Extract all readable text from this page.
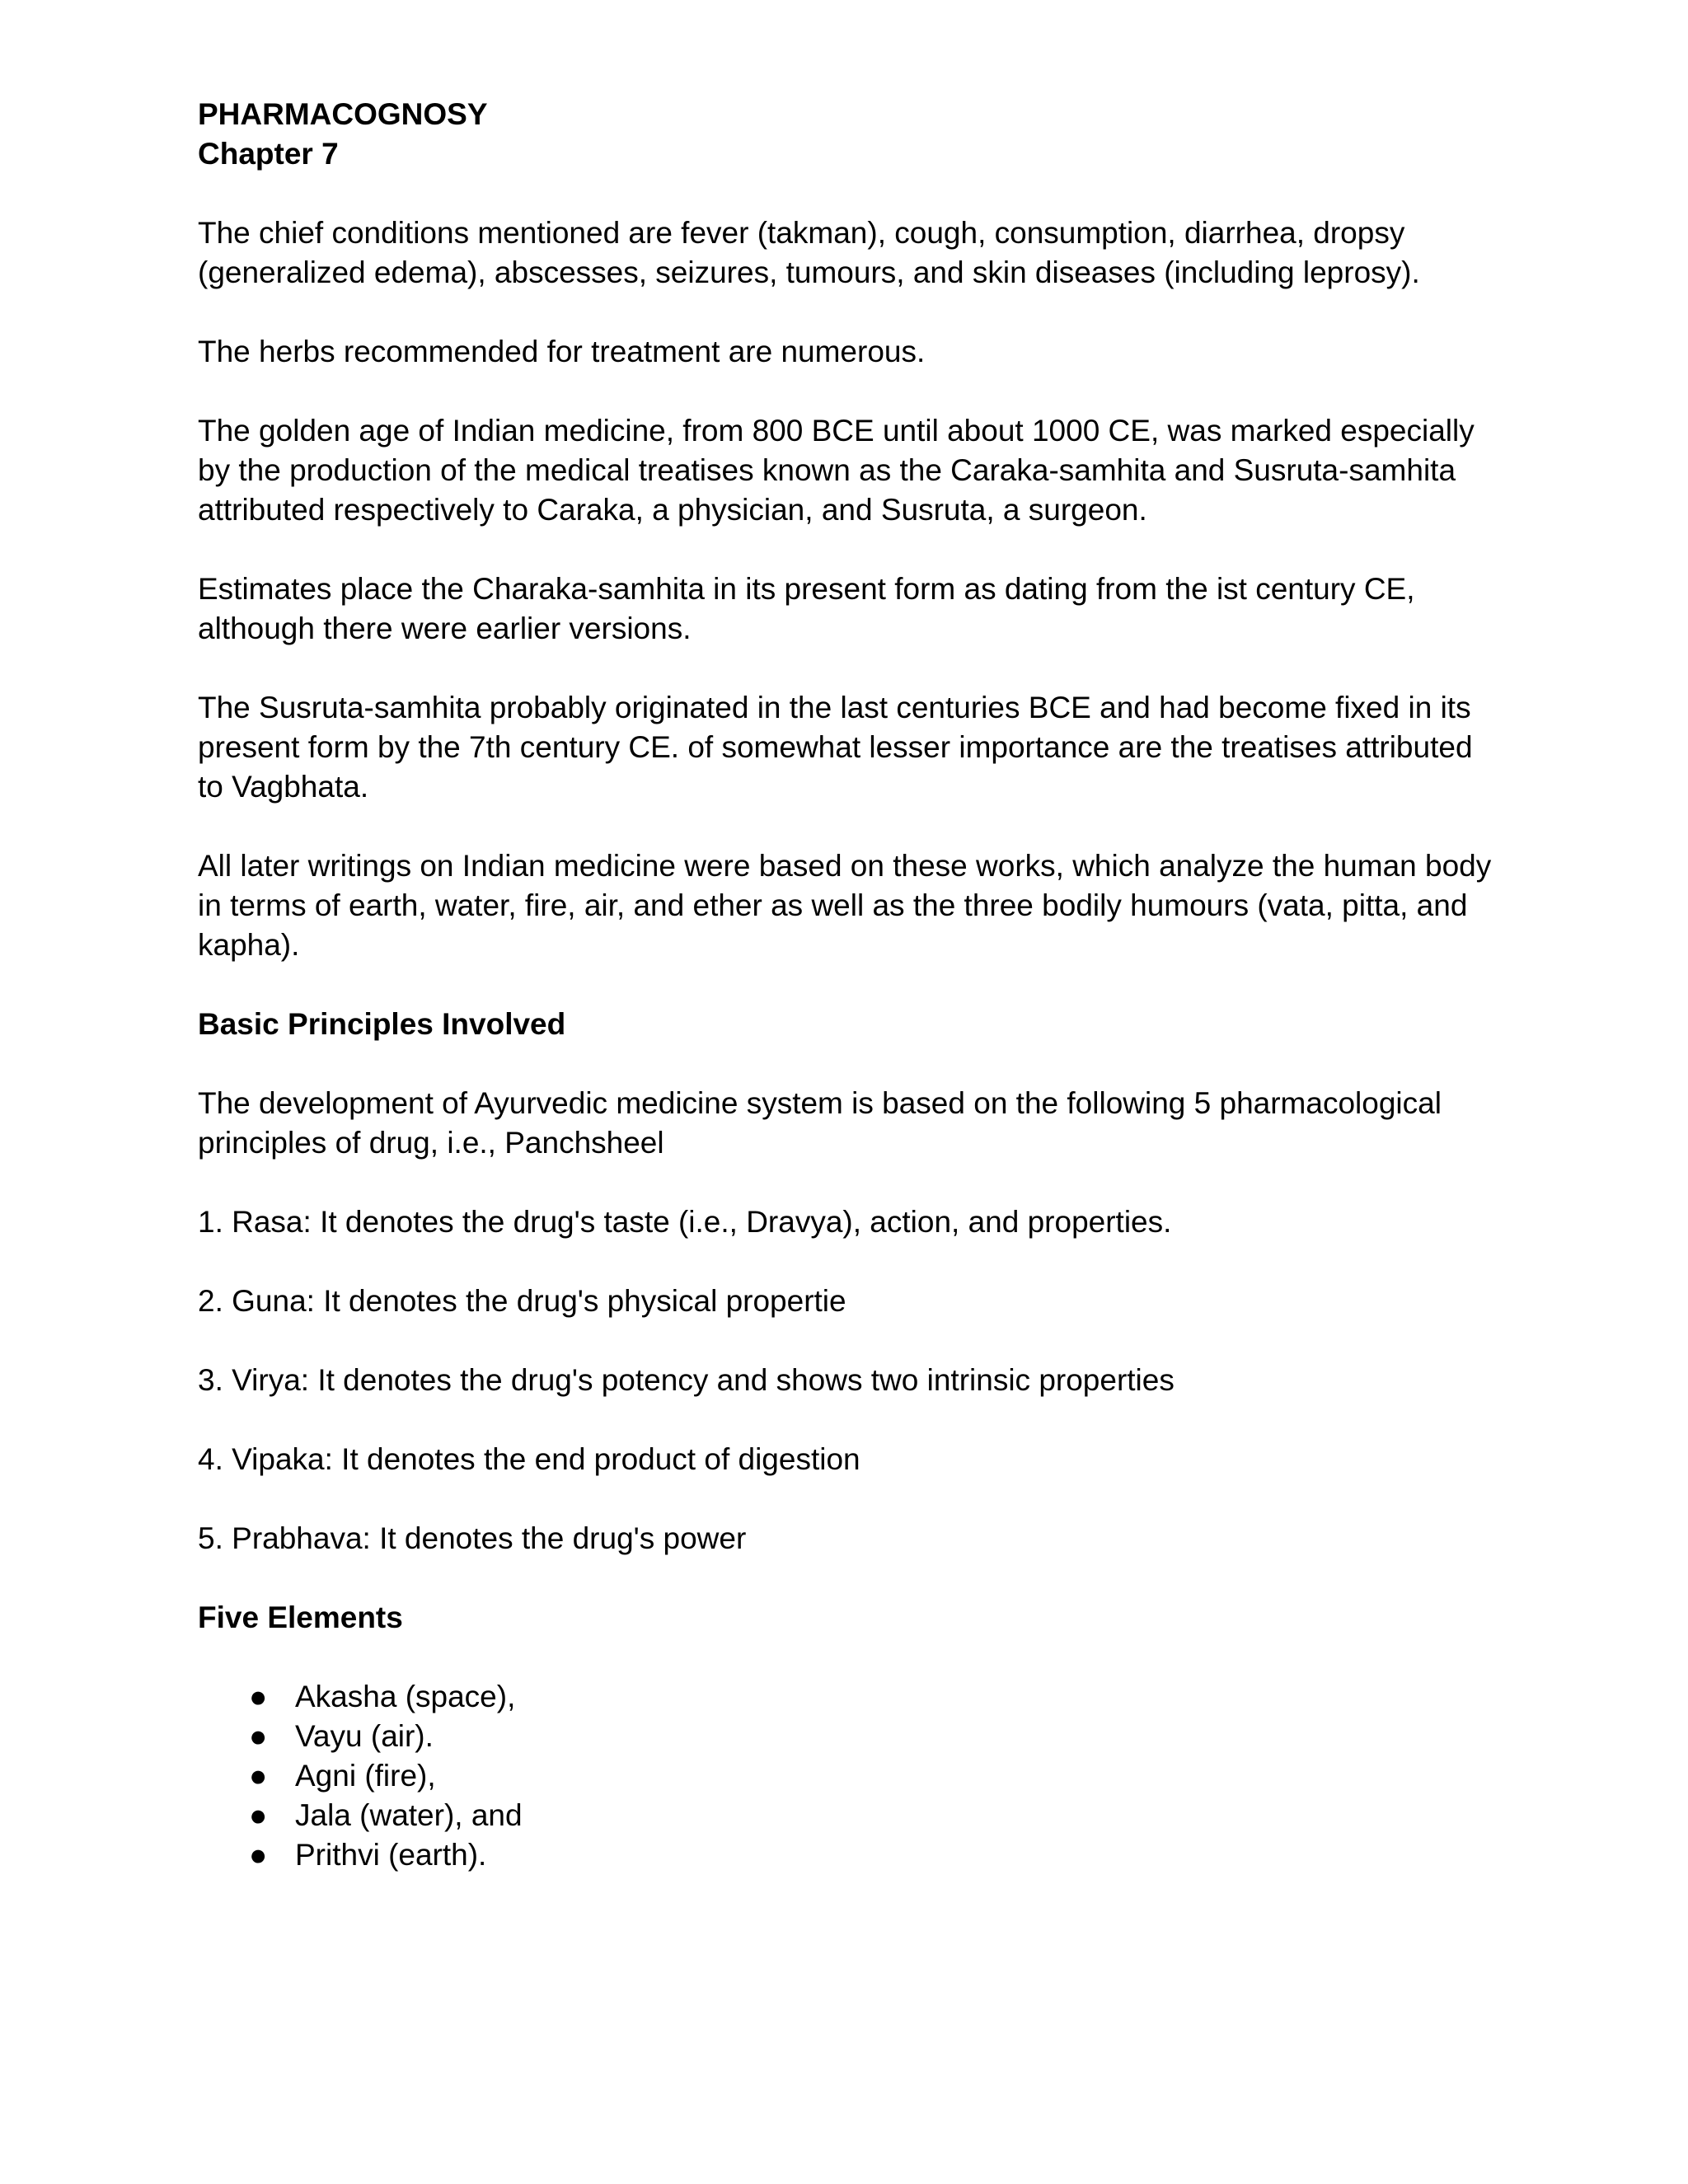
PHARMACOGNOSY

Chapter 7

The chief conditions mentioned are fever (takman), cough, consumption, diarrhea, dropsy (generalized edema), abscesses, seizures, tumours, and skin diseases (including leprosy).

The herbs recommended for treatment are numerous.

The golden age of Indian medicine, from 800 BCE until about 1000 CE, was marked especially by the production of the medical treatises known as the Caraka-samhita and Susruta-samhita attributed respectively to Caraka, a physician, and Susruta, a surgeon.

Estimates place the Charaka-samhita in its present form as dating from the ist century CE, although there were earlier versions.

The Susruta-samhita probably originated in the last centuries BCE and had become fixed in its present form by the 7th century CE. of somewhat lesser importance are the treatises attributed to Vagbhata.

All later writings on Indian medicine were based on these works, which analyze the human body in terms of earth, water, fire, air, and ether as well as the three bodily humours (vata, pitta, and kapha).

Basic Principles Involved

The development of Ayurvedic medicine system is based on the following 5 pharmacological principles of drug, i.e., Panchsheel

1. Rasa: It denotes the drug's taste (i.e., Dravya), action, and properties.

2. Guna: It denotes the drug's physical propertie

3. Virya: It denotes the drug's potency and shows two intrinsic properties

4. Vipaka: It denotes the end product of digestion

5. Prabhava: It denotes the drug's power

Five Elements

● Akasha (space),
● Vayu (air).
● Agni (fire),
● Jala (water), and
● Prithvi (earth).
